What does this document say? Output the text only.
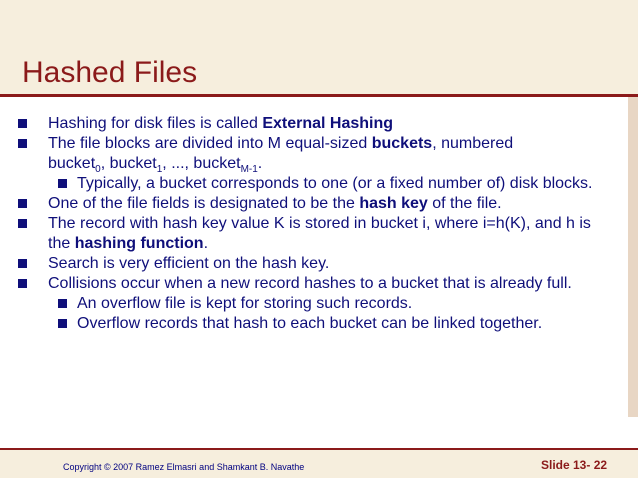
Hashed Files
Hashing for disk files is called External Hashing
The file blocks are divided into M equal-sized buckets, numbered
bucket$_0$, bucket$_1$, ..., bucket$_{M-1}$.
Typically, a bucket corresponds to one (or a fixed number of) disk blocks.
One of the file fields is designated to be the hash key of the file.
The record with hash key value K is stored in bucket i, where i=h(K), and h is the hashing function.
Search is very efficient on the hash key.
Collisions occur when a new record hashes to a bucket that is already full.
An overflow file is kept for storing such records.
Overflow records that hash to each bucket can be linked together.
Copyright © 2007 Ramez Elmasri and Shamkant B. Navathe	Slide 13- 22
